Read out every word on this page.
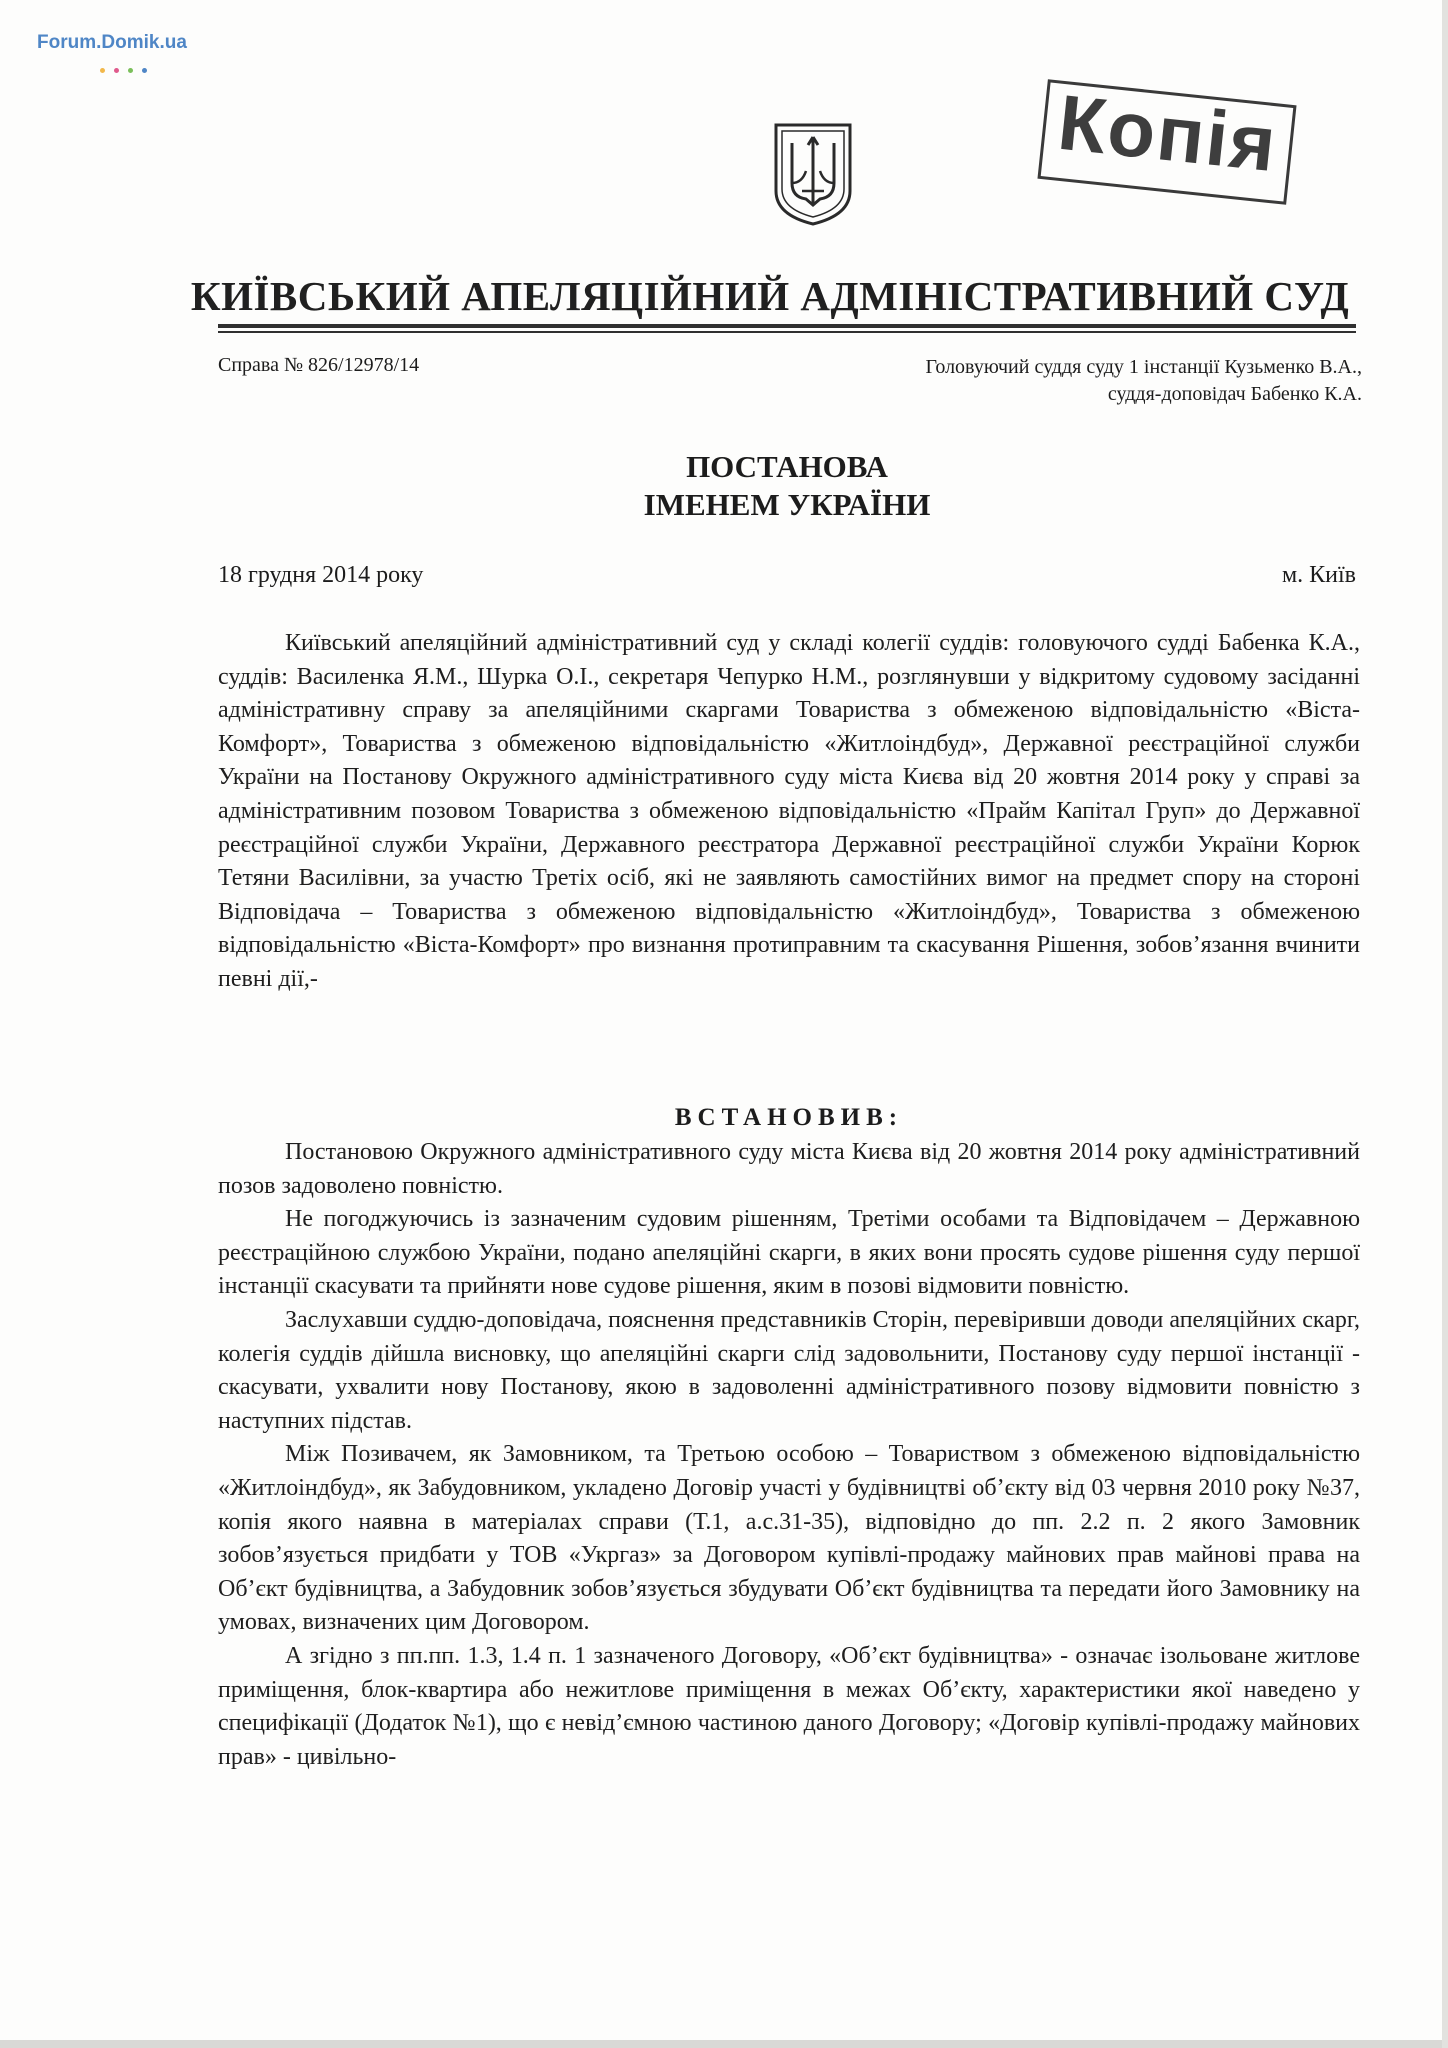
Forum.Domik.ua
Копія
КИЇВСЬКИЙ АПЕЛЯЦІЙНИЙ АДМІНІСТРАТИВНИЙ СУД
Справа № 826/12978/14	Головуючий суддя суду 1 інстанції Кузьменко В.А.,
суддя-доповідач Бабенко К.А.
ПОСТАНОВА
ІМЕНЕМ УКРАЇНИ
18 грудня 2014 року	м. Київ

Київський апеляційний адміністративний суд у складі колегії суддів: головуючого судді Бабенка К.А., суддів: Василенка Я.М., Шурка О.І., секретаря Чепурко Н.М., розглянувши у відкритому судовому засіданні адміністративну справу за апеляційними скаргами Товариства з обмеженою відповідальністю «Віста-Комфорт», Товариства з обмеженою відповідальністю «Житлоіндбуд», Державної реєстраційної служби України на Постанову Окружного адміністративного суду міста Києва від 20 жовтня 2014 року у справі за адміністративним позовом Товариства з обмеженою відповідальністю «Прайм Капітал Груп» до Державної реєстраційної служби України, Державного реєстратора Державної реєстраційної служби України Корюк Тетяни Василівни, за участю Третіх осіб, які не заявляють самостійних вимог на предмет спору на стороні Відповідача – Товариства з обмеженою відповідальністю «Житлоіндбуд», Товариства з обмеженою відповідальністю «Віста-Комфорт» про визнання протиправним та скасування Рішення, зобов’язання вчинити певні дії,-

ВСТАНОВИВ:

Постановою Окружного адміністративного суду міста Києва від 20 жовтня 2014 року адміністративний позов задоволено повністю.

Не погоджуючись із зазначеним судовим рішенням, Третіми особами та Відповідачем – Державною реєстраційною службою України, подано апеляційні скарги, в яких вони просять судове рішення суду першої інстанції скасувати та прийняти нове судове рішення, яким в позові відмовити повністю.

Заслухавши суддю-доповідача, пояснення представників Сторін, перевіривши доводи апеляційних скарг, колегія суддів дійшла висновку, що апеляційні скарги слід задовольнити, Постанову суду першої інстанції - скасувати, ухвалити нову Постанову, якою в задоволенні адміністративного позову відмовити повністю з наступних підстав.

Між Позивачем, як Замовником, та Третьою особою – Товариством з обмеженою відповідальністю «Житлоіндбуд», як Забудовником, укладено Договір участі у будівництві об’єкту від 03 червня 2010 року №37, копія якого наявна в матеріалах справи (Т.1, а.с.31-35), відповідно до пп. 2.2 п. 2 якого Замовник зобов’язується придбати у ТОВ «Укргаз» за Договором купівлі-продажу майнових прав майнові права на Об’єкт будівництва, а Забудовник зобов’язується збудувати Об’єкт будівництва та передати його Замовнику на умовах, визначених цим Договором.

А згідно з пп.пп. 1.3, 1.4 п. 1 зазначеного Договору, «Об’єкт будівництва» - означає ізольоване житлове приміщення, блок-квартира або нежитлове приміщення в межах Об’єкту, характеристики якої наведено у специфікації (Додаток №1), що є невід’ємною частиною даного Договору; «Договір купівлі-продажу майнових прав» - цивільно-
